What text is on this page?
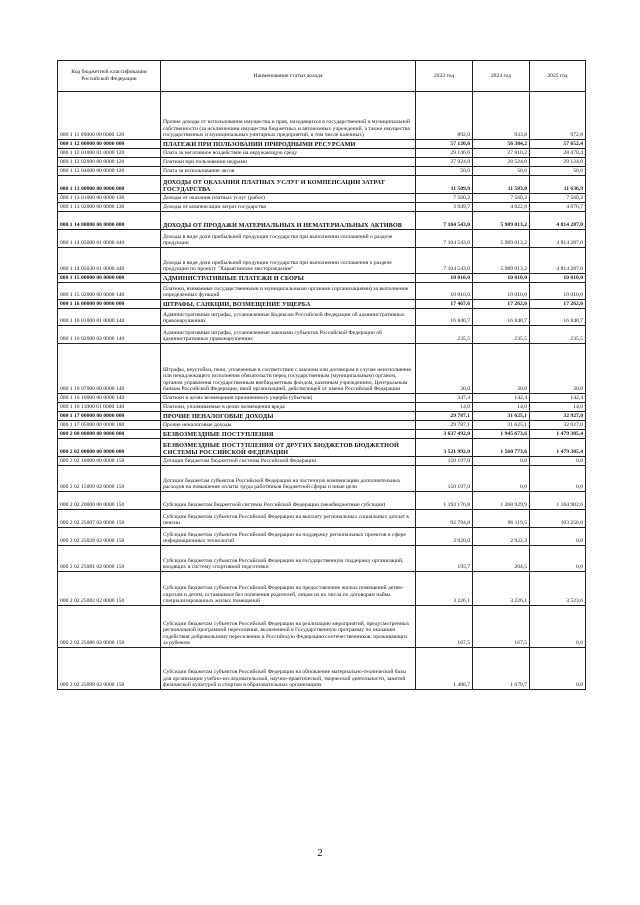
Код бюджетной классификации Российской Федерации	Наименование статьи дохода	2023 год	2024 год	2025 год
000 1 11 09000 00 0000 120	Прочие доходы от использования имущества и прав, находящихся в государственной и муниципальной собственности (за исключением имущества бюджетных и автономных учреждений, а также имущества государственных и муниципальных унитарных предприятий, в том числе казенных)	892,0	933,8	972,8
000 1 12 00000 00 0000 000	ПЛАТЕЖИ ПРИ ПОЛЬЗОВАНИИ ПРИРОДНЫМИ РЕСУРСАМИ	57 120,6	56 384,2	57 652,4
000 1 12 01000 01 0000 120	Плата за негативное воздействие на окружающую среду	29 146,6	27 810,2	28 478,4
000 1 12 02000 00 0000 120	Платежи при пользовании недрами	27 924,0	28 524,0	29 124,0
000 1 12 04000 00 0000 120	Плата за использование лесов	50,0	50,0	50,0
000 1 13 00000 00 0000 000	ДОХОДЫ ОТ ОКАЗАНИЯ ПЛАТНЫХ УСЛУГ И КОМПЕНСАЦИИ ЗАТРАТ ГОСУДАРСТВА	11 509,9	11 583,0	11 636,9
000 1 13 01000 00 0000 130	Доходы от оказания платных услуг (работ)	7 560,2	7 560,2	7 560,2
000 1 13 02000 00 0000 130	Доходы от компенсации затрат государства	3 949,7	4 022,8	4 076,7
000 1 14 00000 00 0000 000	ДОХОДЫ ОТ ПРОДАЖИ МАТЕРИАЛЬНЫХ И НЕМАТЕРИАЛЬНЫХ АКТИВОВ	7 104 543,0	5 989 013,2	4 814 287,0
000 1 14 05000 01 0000 440	Доходы в виде доли прибыльной продукции государства при выполнении соглашений о разделе продукции	7 104 543,0	5 989 013,2	4 814 287,0
000 1 14 05030 01 0000 440	Доходы в виде доли прибыльной продукции государства при выполнении соглашения о разделе продукции по проекту "Харьягинское месторождение"	7 104 543,0	5 989 013,2	4 814 287,0
000 1 15 00000 00 0000 000	АДМИНИСТРАТИВНЫЕ ПЛАТЕЖИ И СБОРЫ	10 010,0	10 010,0	10 010,0
000 1 15 02000 00 0000 140	Платежи, взимаемые государственными и муниципальными органами (организациями) за выполнение определенных функций	10 010,0	10 010,0	10 010,0
000 1 16 00000 00 0000 000	ШТРАФЫ, САНКЦИИ, ВОЗМЕЩЕНИЕ УЩЕРБА	17 467,6	17 262,6	17 262,6
000 1 16 01000 01 0000 140	Административные штрафы, установленные Кодексом Российской Федерации об административных правонарушениях	16 840,7	16 840,7	16 840,7
000 1 16 02000 02 0000 140	Административные штрафы, установленные законами субъектов Российской Федерации об административных правонарушениях	235,5	235,5	235,5
000 1 16 07000 00 0000 140	Штрафы, неустойки, пени, уплаченные в соответствии с законом или договором в случае неисполнения или ненадлежащего исполнения обязательств перед государственным (муниципальным) органом, органом управления государственным внебюджетным фондом, казенным учреждением, Центральным банком Российской Федерации, иной организацией, действующей от имени Российской Федерации	30,0	30,0	30,0
000 1 16 10000 00 0000 140	Платежи в целях возмещения причиненного ущерба (убытков)	347,4	142,4	142,4
000 1 16 11000 01 0000 140	Платежи, уплачиваемые в целях возмещения вреда	14,0	14,0	14,0
000 1 17 00000 00 0000 000	ПРОЧИЕ НЕНАЛОГОВЫЕ ДОХОДЫ	29 787,1	31 625,1	32 927,0
000 1 17 05000 00 0000 180	Прочие неналоговые доходы	29 787,1	31 625,1	32 927,0
000 2 00 00000 00 0000 000	БЕЗВОЗМЕЗДНЫЕ ПОСТУПЛЕНИЯ	3 637 492,0	1 945 673,6	1 479 305,4
000 2 02 00000 00 0000 000	БЕЗВОЗМЕЗДНЫЕ ПОСТУПЛЕНИЯ ОТ ДРУГИХ БЮДЖЕТОВ БЮДЖЕТНОЙ СИСТЕМЫ РОССИЙСКОЙ ФЕДЕРАЦИИ	3 521 992,0	1 560 773,6	1 479 305,4
000 2 02 10000 00 0000 150	Дотации бюджетам бюджетной системы Российской Федерации	150 197,0	0,0	0,0
000 2 02 15009 02 0000 150	Дотации бюджетам субъектов Российской Федерации на частичную компенсацию дополнительных расходов на повышение оплаты труда работников бюджетной сферы и иные цели	150 197,0	0,0	0,0
000 2 02 20000 00 0000 150	Субсидии бюджетам бюджетной системы Российской Федерации (межбюджетные субсидии)	1 193 176,8	1 268 929,9	1 184 902,6
000 2 02 25007 02 0000 150	Субсидии бюджетам субъектов Российской Федерации на выплату региональных социальных доплат к пенсии	92 794,8	96 119,5	103 258,0
000 2 02 25028 02 0000 150	Субсидии бюджетам субъектов Российской Федерации на поддержку региональных проектов в сфере информационных технологий	2 920,0	2 922,3	0,0
000 2 02 25081 02 0000 150	Субсидии бюджетам субъектов Российской Федерации на государственную поддержку организаций, входящих в систему спортивной подготовки	195,7	204,5	0,0
000 2 02 25082 02 0000 150	Субсидии бюджетам субъектов Российской Федерации на предоставление жилых помещений детям-сиротам и детям, оставшимся без попечения родителей, лицам из их числа по договорам найма специализированных жилых помещений	3 226,1	3 226,1	3 523,6
000 2 02 25086 02 0000 150	Субсидии бюджетам субъектов Российской Федерации на реализацию мероприятий, предусмотренных региональной программой переселения, включенной в Государственную программу по оказанию содействия добровольному переселению в Российскую Федерацию соотечественников, проживающих за рубежом	167,5	167,5	0,0
000 2 02 25098 02 0000 150	Субсидии бюджетам субъектов Российской Федерации на обновление материально-технической базы для организации учебно-исследовательской, научно-практической, творческой деятельности, занятий физической культурой и спортом в образовательных организациях	1 486,7	1 679,7	0,0
2
